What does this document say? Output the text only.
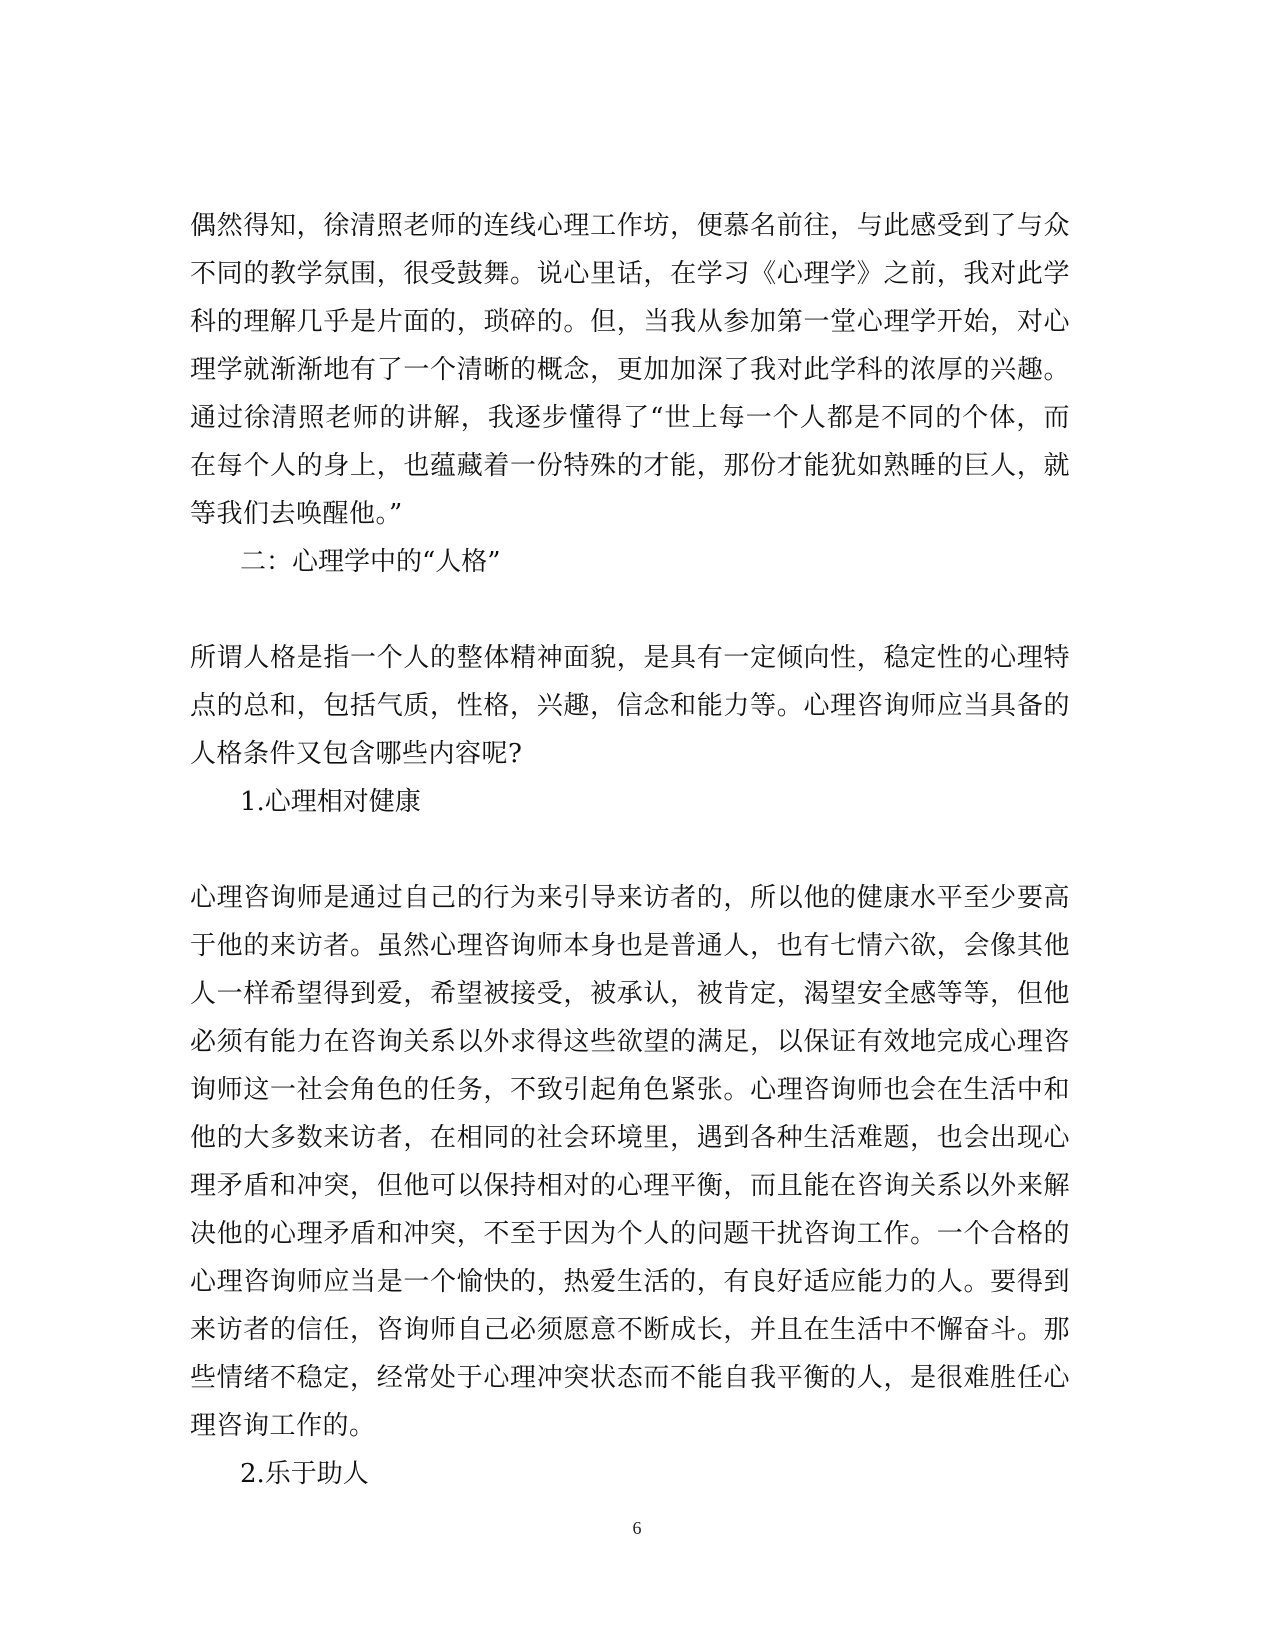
偶然得知，徐清照老师的连线心理工作坊，便慕名前往，与此感受到了与众不同的教学氛围，很受鼓舞。说心里话，在学习《心理学》之前，我对此学科的理解几乎是片面的，琐碎的。但，当我从参加第一堂心理学开始，对心理学就渐渐地有了一个清晰的概念，更加加深了我对此学科的浓厚的兴趣。通过徐清照老师的讲解，我逐步懂得了“世上每一个人都是不同的个体，而在每个人的身上，也蕴藏着一份特殊的才能，那份才能犹如熟睡的巨人，就等我们去唤醒他。”

二：心理学中的“人格”

所谓人格是指一个人的整体精神面貌，是具有一定倾向性，稳定性的心理特点的总和，包括气质，性格，兴趣，信念和能力等。心理咨询师应当具备的人格条件又包含哪些内容呢?

1.心理相对健康

心理咨询师是通过自己的行为来引导来访者的，所以他的健康水平至少要高于他的来访者。虽然心理咨询师本身也是普通人，也有七情六欲，会像其他人一样希望得到爱，希望被接受，被承认，被肯定，渴望安全感等等，但他必须有能力在咨询关系以外求得这些欲望的满足，以保证有效地完成心理咨询师这一社会角色的任务，不致引起角色紧张。心理咨询师也会在生活中和他的大多数来访者，在相同的社会环境里，遇到各种生活难题，也会出现心理矛盾和冲突，但他可以保持相对的心理平衡，而且能在咨询关系以外来解决他的心理矛盾和冲突，不至于因为个人的问题干扰咨询工作。一个合格的心理咨询师应当是一个愉快的，热爱生活的，有良好适应能力的人。要得到来访者的信任，咨询师自己必须愿意不断成长，并且在生活中不懈奋斗。那些情绪不稳定，经常处于心理冲突状态而不能自我平衡的人，是很难胜任心理咨询工作的。

2.乐于助人

6
